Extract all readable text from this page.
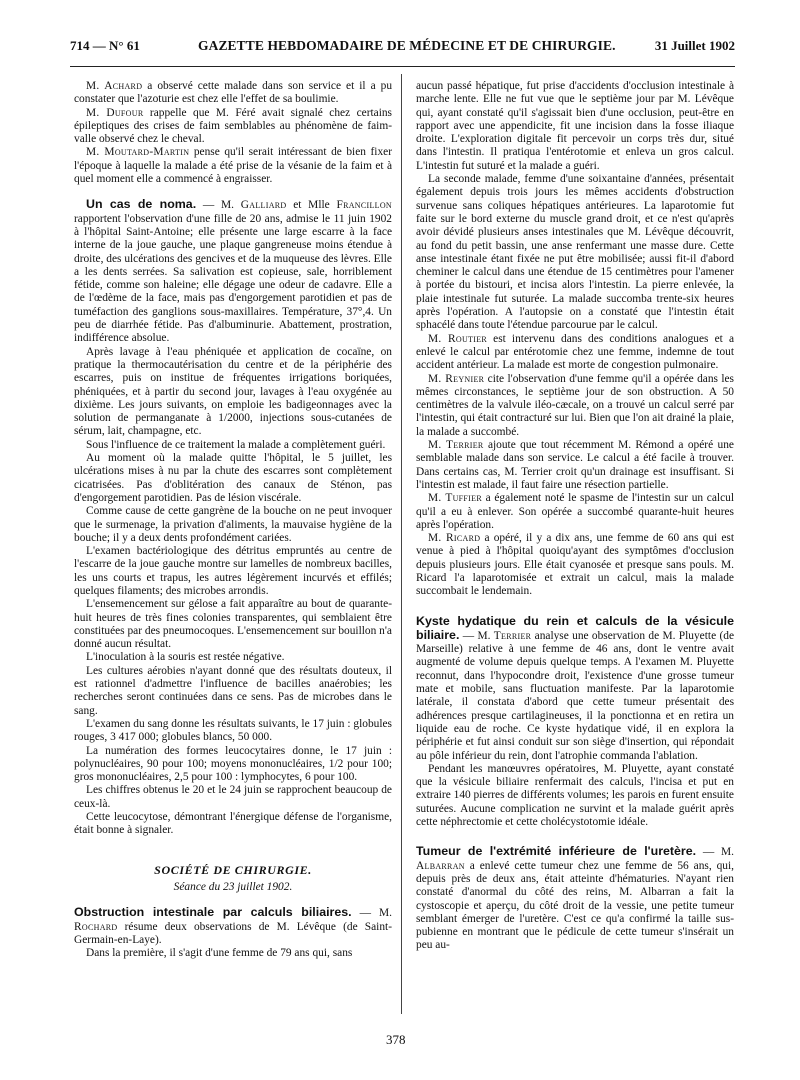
714 — N° 61	GAZETTE HEBDOMADAIRE DE MÉDECINE ET DE CHIRURGIE.	31 Juillet 1902

M. Achard a observé cette malade dans son service et il a pu constater que l'azoturie est chez elle l'effet de sa boulimie.

M. Dufour rappelle que M. Féré avait signalé chez certains épileptiques des crises de faim semblables au phénomène de faim-valle observé chez le cheval.

M. Moutard-Martin pense qu'il serait intéressant de bien fixer l'époque à laquelle la malade a été prise de la vésanie de la faim et à quel moment elle a commencé à engraisser.

Un cas de noma. — M. Galliard et Mlle Francillon rapportent l'observation d'une fille de 20 ans, admise le 11 juin 1902 à l'hôpital Saint-Antoine; elle présente une large escarre à la face interne de la joue gauche, une plaque gangreneuse moins étendue à droite, des ulcérations des gencives et de la muqueuse des lèvres. Elle a les dents serrées. Sa salivation est copieuse, sale, horriblement fétide, comme son haleine; elle dégage une odeur de cadavre. Elle a de l'œdème de la face, mais pas d'engorgement parotidien et pas de tuméfaction des ganglions sous-maxillaires. Température, 37°,4. Un peu de diarrhée fétide. Pas d'albuminurie. Abattement, prostration, indifférence absolue.

Après lavage à l'eau phéniquée et application de cocaïne, on pratique la thermocautérisation du centre et de la périphérie des escarres, puis on institue de fréquentes irrigations boriquées, phéniquées, et à partir du second jour, lavages à l'eau oxygénée au dixième. Les jours suivants, on emploie les badigeonnages avec la solution de permanganate à 1/2000, injections sous-cutanées de sérum, lait, champagne, etc.

Sous l'influence de ce traitement la malade a complètement guéri.

Au moment où la malade quitte l'hôpital, le 5 juillet, les ulcérations mises à nu par la chute des escarres sont complètement cicatrisées. Pas d'oblitération des canaux de Sténon, pas d'engorgement parotidien. Pas de lésion viscérale.

Comme cause de cette gangrène de la bouche on ne peut invoquer que le surmenage, la privation d'aliments, la mauvaise hygiène de la bouche; il y a deux dents profondément cariées.

L'examen bactériologique des détritus empruntés au centre de l'escarre de la joue gauche montre sur lamelles de nombreux bacilles, les uns courts et trapus, les autres légèrement incurvés et effilés; quelques filaments; des microbes arrondis.

L'ensemencement sur gélose a fait apparaître au bout de quarante-huit heures de très fines colonies transparentes, qui semblaient être constituées par des pneumocoques. L'ensemencement sur bouillon n'a donné aucun résultat.

L'inoculation à la souris est restée négative.

Les cultures aérobies n'ayant donné que des résultats douteux, il est rationnel d'admettre l'influence de bacilles anaérobies; les recherches seront continuées dans ce sens. Pas de microbes dans le sang.

L'examen du sang donne les résultats suivants, le 17 juin : globules rouges, 3 417 000; globules blancs, 50 000.

La numération des formes leucocytaires donne, le 17 juin : polynucléaires, 90 pour 100; moyens mononucléaires, 1/2 pour 100; gros mononucléaires, 2,5 pour 100 : lymphocytes, 6 pour 100.

Les chiffres obtenus le 20 et le 24 juin se rapprochent beaucoup de ceux-là.

Cette leucocytose, démontrant l'énergique défense de l'organisme, était bonne à signaler.

SOCIÉTÉ DE CHIRURGIE.
Séance du 23 juillet 1902.

Obstruction intestinale par calculs biliaires. — M. Rochard résume deux observations de M. Lévêque (de Saint-Germain-en-Laye).

Dans la première, il s'agit d'une femme de 79 ans qui, sans

aucun passé hépatique, fut prise d'accidents d'occlusion intestinale à marche lente. Elle ne fut vue que le septième jour par M. Lévêque qui, ayant constaté qu'il s'agissait bien d'une occlusion, peut-être en rapport avec une appendicite, fit une incision dans la fosse iliaque droite. L'exploration digitale fit percevoir un corps très dur, situé dans l'intestin. Il pratiqua l'entérotomie et enleva un gros calcul. L'intestin fut suturé et la malade a guéri.

La seconde malade, femme d'une soixantaine d'années, présentait également depuis trois jours les mêmes accidents d'obstruction survenue sans coliques hépatiques antérieures. La laparotomie fut faite sur le bord externe du muscle grand droit, et ce n'est qu'après avoir dévidé plusieurs anses intestinales que M. Lévêque découvrit, au fond du petit bassin, une anse renfermant une masse dure. Cette anse intestinale étant fixée ne put être mobilisée; aussi fit-il d'abord cheminer le calcul dans une étendue de 15 centimètres pour l'amener à portée du bistouri, et incisa alors l'intestin. La pierre enlevée, la plaie intestinale fut suturée. La malade succomba trente-six heures après l'opération. A l'autopsie on a constaté que l'intestin était sphacélé dans toute l'étendue parcourue par le calcul.

M. Routier est intervenu dans des conditions analogues et a enlevé le calcul par entérotomie chez une femme, indemne de tout accident antérieur. La malade est morte de congestion pulmonaire.

M. Reynier cite l'observation d'une femme qu'il a opérée dans les mêmes circonstances, le septième jour de son obstruction. A 50 centimètres de la valvule iléo-cæcale, on a trouvé un calcul serré par l'intestin, qui était contracturé sur lui. Bien que l'on ait drainé la plaie, la malade a succombé.

M. Terrier ajoute que tout récemment M. Rémond a opéré une semblable malade dans son service. Le calcul a été facile à trouver. Dans certains cas, M. Terrier croit qu'un drainage est insuffisant. Si l'intestin est malade, il faut faire une résection partielle.

M. Tuffier a également noté le spasme de l'intestin sur un calcul qu'il a eu à enlever. Son opérée a succombé quarante-huit heures après l'opération.

M. Ricard a opéré, il y a dix ans, une femme de 60 ans qui est venue à pied à l'hôpital quoiqu'ayant des symptômes d'occlusion depuis plusieurs jours. Elle était cyanosée et presque sans pouls. M. Ricard l'a laparotomisée et extrait un calcul, mais la malade succombait le lendemain.

Kyste hydatique du rein et calculs de la vésicule biliaire. — M. Terrier analyse une observation de M. Pluyette (de Marseille) relative à une femme de 46 ans, dont le ventre avait augmenté de volume depuis quelque temps. A l'examen M. Pluyette reconnut, dans l'hypocondre droit, l'existence d'une grosse tumeur mate et mobile, sans fluctuation manifeste. Par la laparotomie latérale, il constata d'abord que cette tumeur présentait des adhérences presque cartilagineuses, il la ponctionna et en retira un liquide eau de roche. Ce kyste hydatique vidé, il en explora la périphérie et fut ainsi conduit sur son siège d'insertion, qui répondait au pôle inférieur du rein, dont l'atrophie commanda l'ablation.

Pendant les manœuvres opératoires, M. Pluyette, ayant constaté que la vésicule biliaire renfermait des calculs, l'incisa et put en extraire 140 pierres de différents volumes; les parois en furent ensuite suturées. Aucune complication ne survint et la malade guérit après cette néphrectomie et cette cholécystotomie idéale.

Tumeur de l'extrémité inférieure de l'uretère. — M. Albarran a enlevé cette tumeur chez une femme de 56 ans, qui, depuis près de deux ans, était atteinte d'hématuries. N'ayant rien constaté d'anormal du côté des reins, M. Albarran a fait la cystoscopie et aperçu, du côté droit de la vessie, une petite tumeur semblant émerger de l'uretère. C'est ce qu'a confirmé la taille sus-pubienne en montrant que le pédicule de cette tumeur s'insérait un peu au-

378
